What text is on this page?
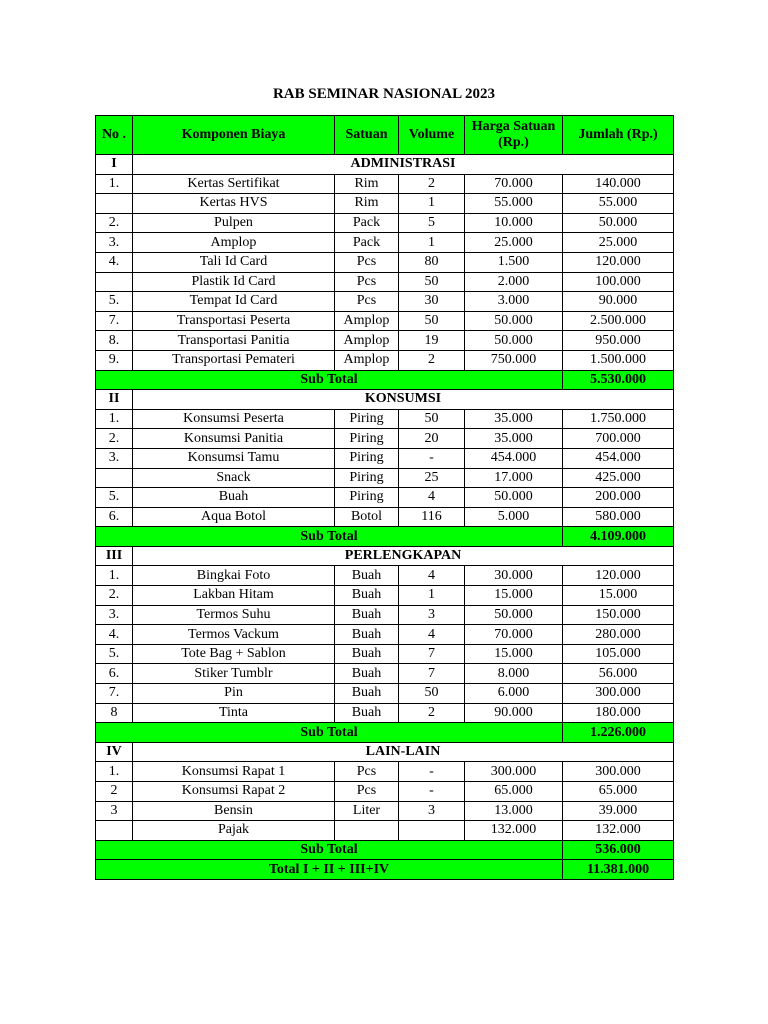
RAB SEMINAR NASIONAL 2023
No .	Komponen Biaya	Satuan	Volume	Harga Satuan (Rp.)	Jumlah (Rp.)
I	ADMINISTRASI				
1.	Kertas Sertifikat	Rim	2	70.000	140.000
	Kertas HVS	Rim	1	55.000	55.000
2.	Pulpen	Pack	5	10.000	50.000
3.	Amplop	Pack	1	25.000	25.000
4.	Tali Id Card	Pcs	80	1.500	120.000
	Plastik Id Card	Pcs	50	2.000	100.000
5.	Tempat Id Card	Pcs	30	3.000	90.000
7.	Transportasi Peserta	Amplop	50	50.000	2.500.000
8.	Transportasi Panitia	Amplop	19	50.000	950.000
9.	Transportasi Pemateri	Amplop	2	750.000	1.500.000
Sub Total					5.530.000
II	KONSUMSI				
1.	Konsumsi Peserta	Piring	50	35.000	1.750.000
2.	Konsumsi Panitia	Piring	20	35.000	700.000
3.	Konsumsi Tamu	Piring	-	454.000	454.000
	Snack	Piring	25	17.000	425.000
5.	Buah	Piring	4	50.000	200.000
6.	Aqua Botol	Botol	116	5.000	580.000
Sub Total					4.109.000
III	PERLENGKAPAN				
1.	Bingkai Foto	Buah	4	30.000	120.000
2.	Lakban Hitam	Buah	1	15.000	15.000
3.	Termos Suhu	Buah	3	50.000	150.000
4.	Termos Vackum	Buah	4	70.000	280.000
5.	Tote Bag + Sablon	Buah	7	15.000	105.000
6.	Stiker Tumblr	Buah	7	8.000	56.000
7.	Pin	Buah	50	6.000	300.000
8	Tinta	Buah	2	90.000	180.000
Sub Total					1.226.000
IV	LAIN-LAIN				
1.	Konsumsi Rapat 1	Pcs	-	300.000	300.000
2	Konsumsi Rapat 2	Pcs	-	65.000	65.000
3	Bensin	Liter	3	13.000	39.000
	Pajak			132.000	132.000
Sub Total					536.000
Total I + II + III+IV					11.381.000
